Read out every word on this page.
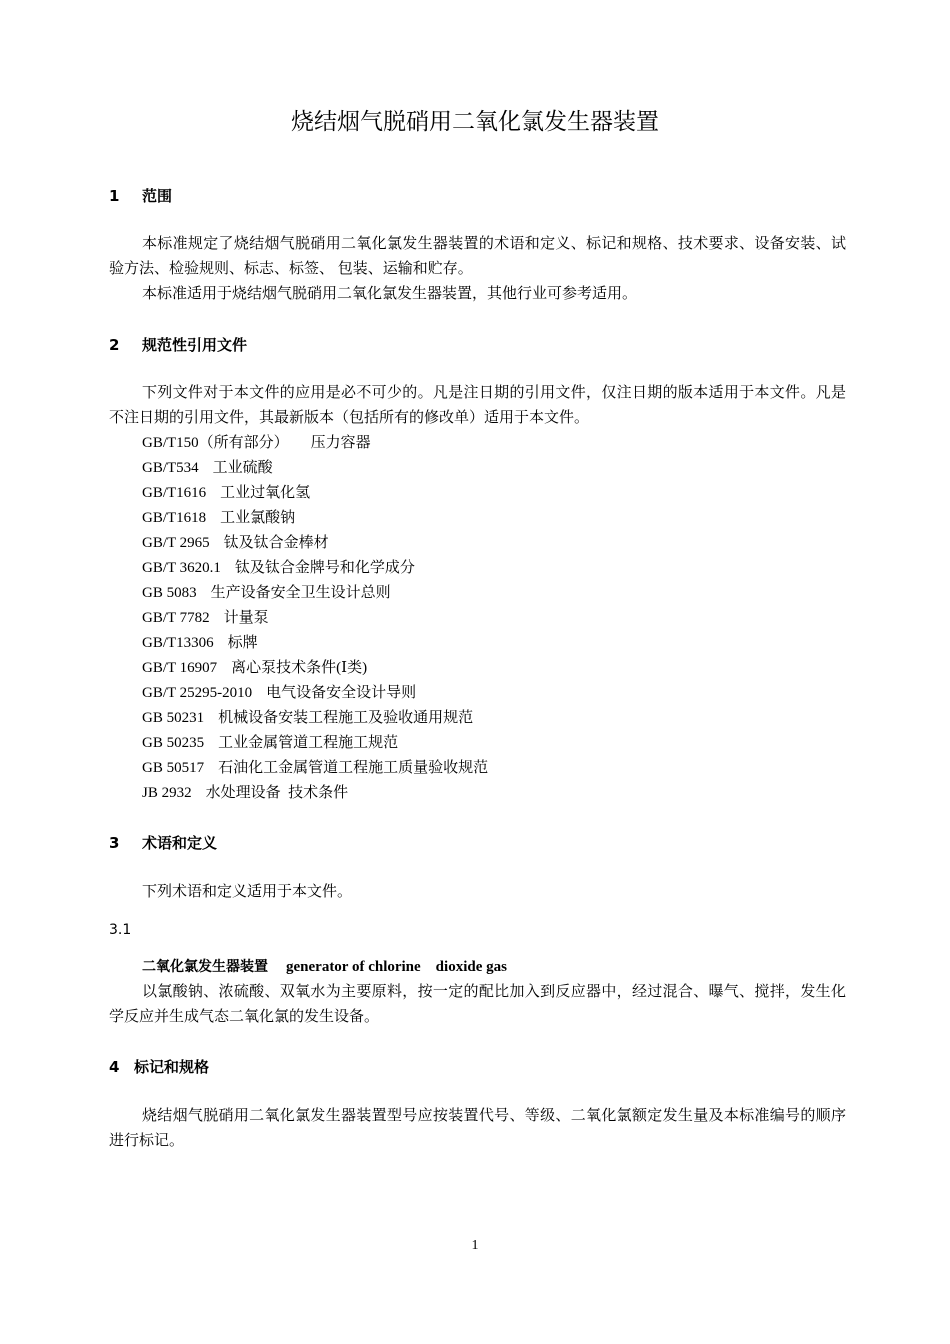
烧结烟气脱硝用二氧化氯发生器装置
1 范围
本标准规定了烧结烟气脱硝用二氧化氯发生器装置的术语和定义、标记和规格、技术要求、设备安装、试验方法、检验规则、标志、标签、 包装、运输和贮存。
本标准适用于烧结烟气脱硝用二氧化氯发生器装置，其他行业可参考适用。
2 规范性引用文件
下列文件对于本文件的应用是必不可少的。凡是注日期的引用文件，仅注日期的版本适用于本文件。凡是不注日期的引用文件，其最新版本（包括所有的修改单）适用于本文件。
GB/T150（所有部分） 压力容器
GB/T534 工业硫酸
GB/T1616 工业过氧化氢
GB/T1618 工业氯酸钠
GB/T 2965 钛及钛合金棒材
GB/T 3620.1 钛及钛合金牌号和化学成分
GB 5083 生产设备安全卫生设计总则
GB/T 7782 计量泵
GB/T13306 标牌
GB/T 16907 离心泵技术条件(Ⅰ类)
GB/T 25295-2010 电气设备安全设计导则
GB 50231 机械设备安装工程施工及验收通用规范
GB 50235 工业金属管道工程施工规范
GB 50517 石油化工金属管道工程施工质量验收规范
JB 2932 水处理设备  技术条件
3 术语和定义
下列术语和定义适用于本文件。
3.1
二氧化氯发生器装置 generator of chlorine    dioxide gas
以氯酸钠、浓硫酸、双氧水为主要原料，按一定的配比加入到反应器中，经过混合、曝气、搅拌，发生化学反应并生成气态二氧化氯的发生设备。
4 标记和规格
烧结烟气脱硝用二氧化氯发生器装置型号应按装置代号、等级、二氧化氯额定发生量及本标准编号的顺序进行标记。
1
